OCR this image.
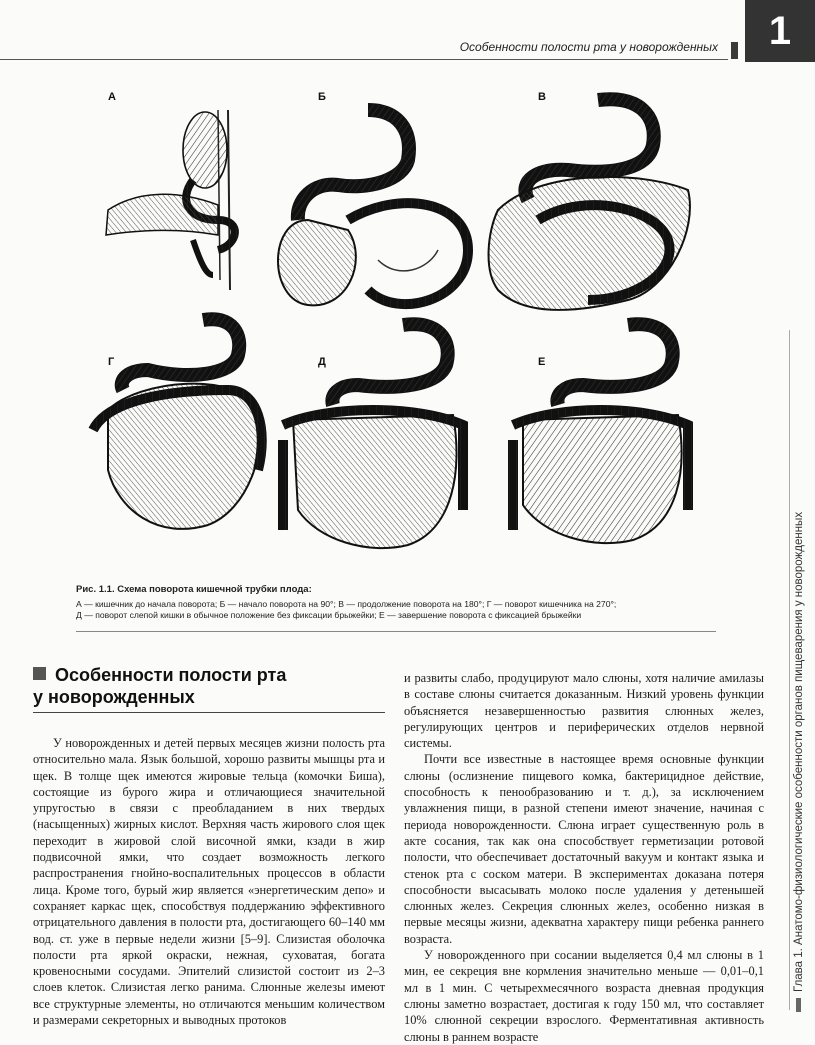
Особенности полости рта у новорожденных	1
Глава 1. Анатомо-физиологические особенности органов пищеварения у новорожденных
А	Б	В
Г	Д	Е
Рис. 1.1. Схема поворота кишечной трубки плода:
А — кишечник до начала поворота; Б — начало поворота на 90°; В — продолжение поворота на 180°; Г — поворот кишечника на 270°;
Д — поворот слепой кишки в обычное положение без фиксации брыжейки; Е — завершение поворота с фиксацией брыжейки
Особенности полости рта
у новорожденных

У новорожденных и детей первых месяцев жизни полость рта относительно мала. Язык большой, хорошо развиты мышцы рта и щек. В толще щек имеются жировые тельца (комочки Биша), состоящие из бурого жира и отличающиеся значительной упругостью в связи с преобладанием в них твердых (насыщенных) жирных кислот. Верхняя часть жирового слоя щек переходит в жировой слой височной ямки, кзади в жир подвисочной ямки, что создает возможность легкого распространения гнойно-воспалительных процессов в области лица. Кроме того, бурый жир является «энергетическим депо» и сохраняет каркас щек, способствуя поддержанию эффективного отрицательного давления в полости рта, достигающего 60–140 мм вод. ст. уже в первые недели жизни [5–9]. Слизистая оболочка полости рта яркой окраски, нежная, суховатая, богата кровеносными сосудами. Эпителий слизистой состоит из 2–3 слоев клеток. Слизистая легко ранима. Слюнные железы имеют все структурные элементы, но отличаются меньшим количеством и размерами секреторных и выводных протоков

и развиты слабо, продуцируют мало слюны, хотя наличие амилазы в составе слюны считается доказанным. Низкий уровень функции объясняется незавершенностью развития слюнных желез, регулирующих центров и периферических отделов нервной системы.

Почти все известные в настоящее время основные функции слюны (ослизнение пищевого комка, бактерицидное действие, способность к пенообразованию и т. д.), за исключением увлажнения пищи, в разной степени имеют значение, начиная с периода новорожденности. Слюна играет существенную роль в акте сосания, так как она способствует герметизации ротовой полости, что обеспечивает достаточный вакуум и контакт языка и стенок рта с соском матери. В экспериментах доказана потеря способности высасывать молоко после удаления у детенышей слюнных желез. Секреция слюнных желез, особенно низкая в первые месяцы жизни, адекватна характеру пищи ребенка раннего возраста.

У новорожденного при сосании выделяется 0,4 мл слюны в 1 мин, ее секреция вне кормления значительно меньше — 0,01–0,1 мл в 1 мин. С четырехмесячного возраста дневная продукция слюны заметно возрастает, достигая к году 150 мл, что составляет 10% слюнной секреции взрослого. Ферментативная активность слюны в раннем возрасте
